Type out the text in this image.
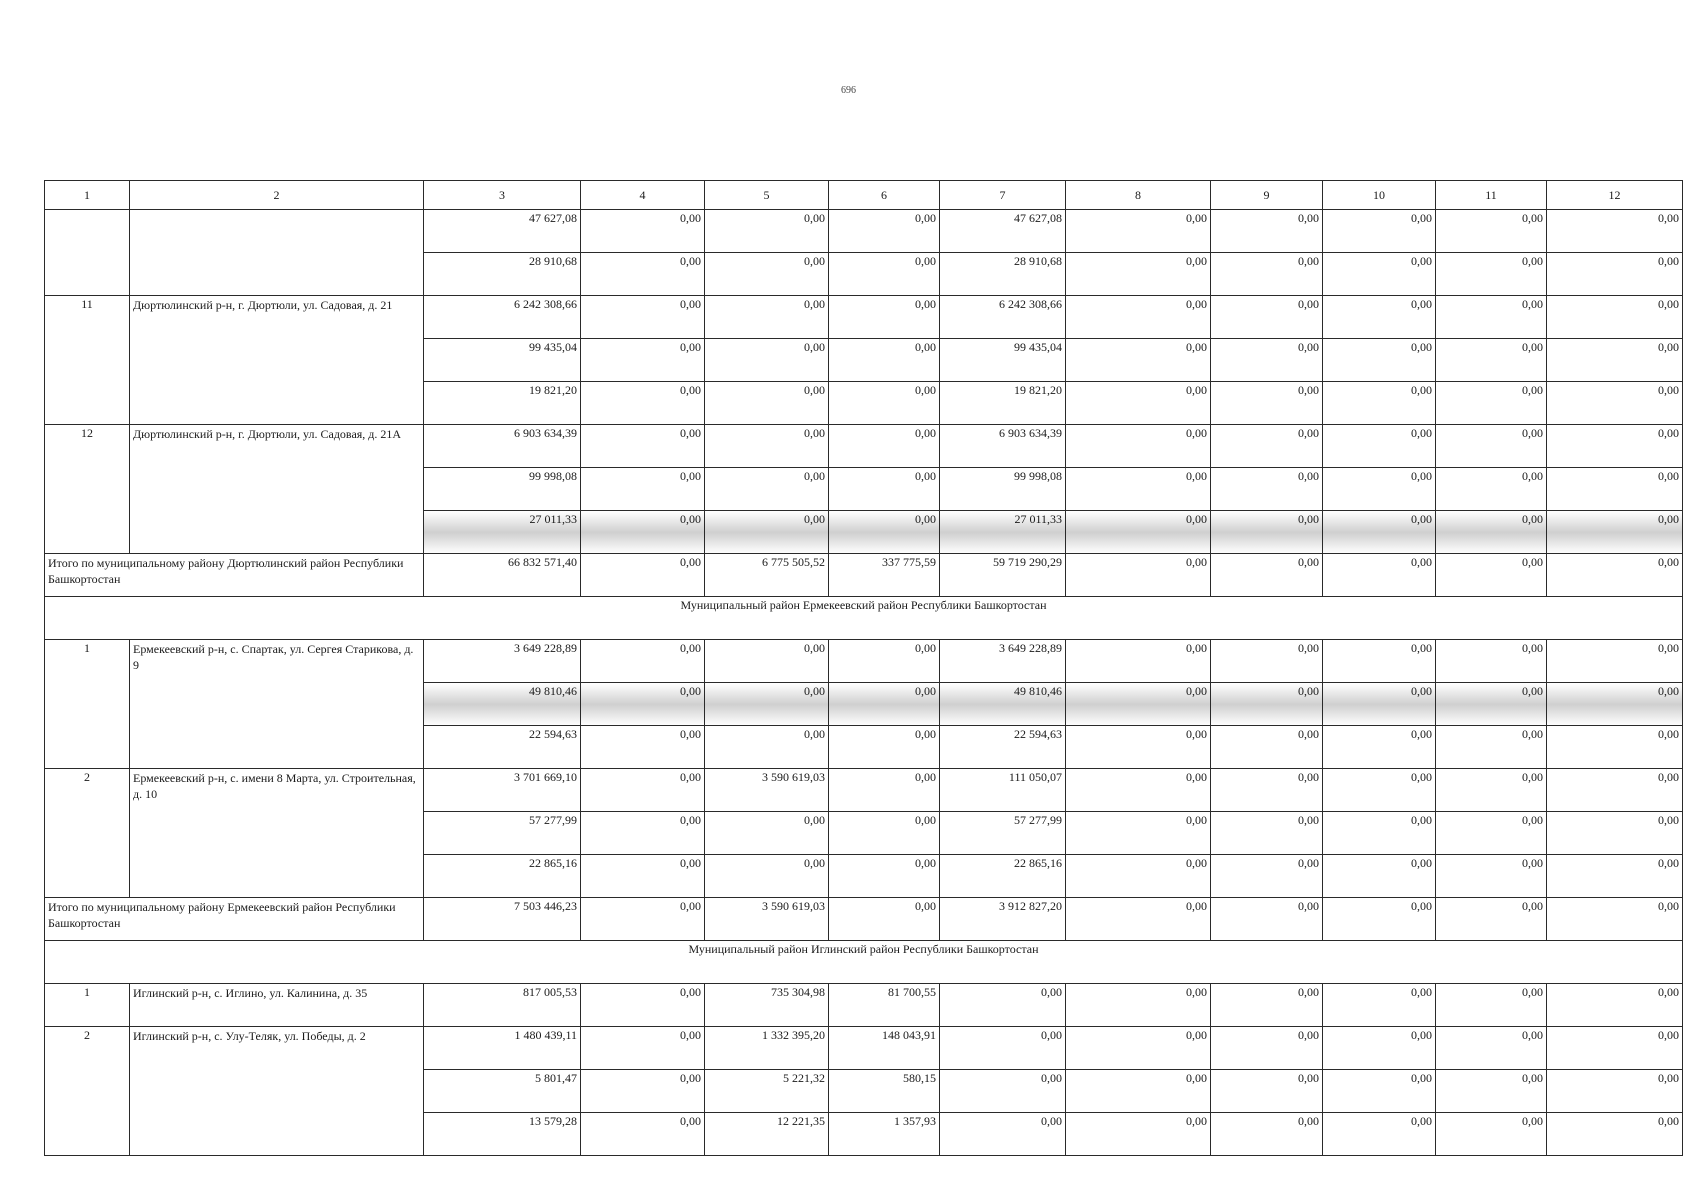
696
1	2	3	4	5	6	7	8	9	10	11	12
		47 627,08	0,00	0,00	0,00	47 627,08	0,00	0,00	0,00	0,00	0,00
		28 910,68	0,00	0,00	0,00	28 910,68	0,00	0,00	0,00	0,00	0,00
11	Дюртюлинский р-н, г. Дюртюли, ул. Садовая, д. 21	6 242 308,66	0,00	0,00	0,00	6 242 308,66	0,00	0,00	0,00	0,00	0,00
		99 435,04	0,00	0,00	0,00	99 435,04	0,00	0,00	0,00	0,00	0,00
		19 821,20	0,00	0,00	0,00	19 821,20	0,00	0,00	0,00	0,00	0,00
12	Дюртюлинский р-н, г. Дюртюли, ул. Садовая, д. 21А	6 903 634,39	0,00	0,00	0,00	6 903 634,39	0,00	0,00	0,00	0,00	0,00
		99 998,08	0,00	0,00	0,00	99 998,08	0,00	0,00	0,00	0,00	0,00
		27 011,33	0,00	0,00	0,00	27 011,33	0,00	0,00	0,00	0,00	0,00
Итого по муниципальному району Дюртюлинский район Республики Башкортостан		66 832 571,40	0,00	6 775 505,52	337 775,59	59 719 290,29	0,00	0,00	0,00	0,00	0,00
Муниципальный район Ермекеевский район Республики Башкортостан											
1	Ермекеевский р-н, с. Спартак, ул. Сергея Старикова, д. 9	3 649 228,89	0,00	0,00	0,00	3 649 228,89	0,00	0,00	0,00	0,00	0,00
		49 810,46	0,00	0,00	0,00	49 810,46	0,00	0,00	0,00	0,00	0,00
		22 594,63	0,00	0,00	0,00	22 594,63	0,00	0,00	0,00	0,00	0,00
2	Ермекеевский р-н, с. имени 8 Марта, ул. Строительная, д. 10	3 701 669,10	0,00	3 590 619,03	0,00	111 050,07	0,00	0,00	0,00	0,00	0,00
		57 277,99	0,00	0,00	0,00	57 277,99	0,00	0,00	0,00	0,00	0,00
		22 865,16	0,00	0,00	0,00	22 865,16	0,00	0,00	0,00	0,00	0,00
Итого по муниципальному району Ермекеевский район Республики Башкортостан		7 503 446,23	0,00	3 590 619,03	0,00	3 912 827,20	0,00	0,00	0,00	0,00	0,00
Муниципальный район Иглинский район Республики Башкортостан											
1	Иглинский р-н, с. Иглино, ул. Калинина, д. 35	817 005,53	0,00	735 304,98	81 700,55	0,00	0,00	0,00	0,00	0,00	0,00
2	Иглинский р-н, с. Улу-Теляк, ул. Победы, д. 2	1 480 439,11	0,00	1 332 395,20	148 043,91	0,00	0,00	0,00	0,00	0,00	0,00
		5 801,47	0,00	5 221,32	580,15	0,00	0,00	0,00	0,00	0,00	0,00
		13 579,28	0,00	12 221,35	1 357,93	0,00	0,00	0,00	0,00	0,00	0,00
